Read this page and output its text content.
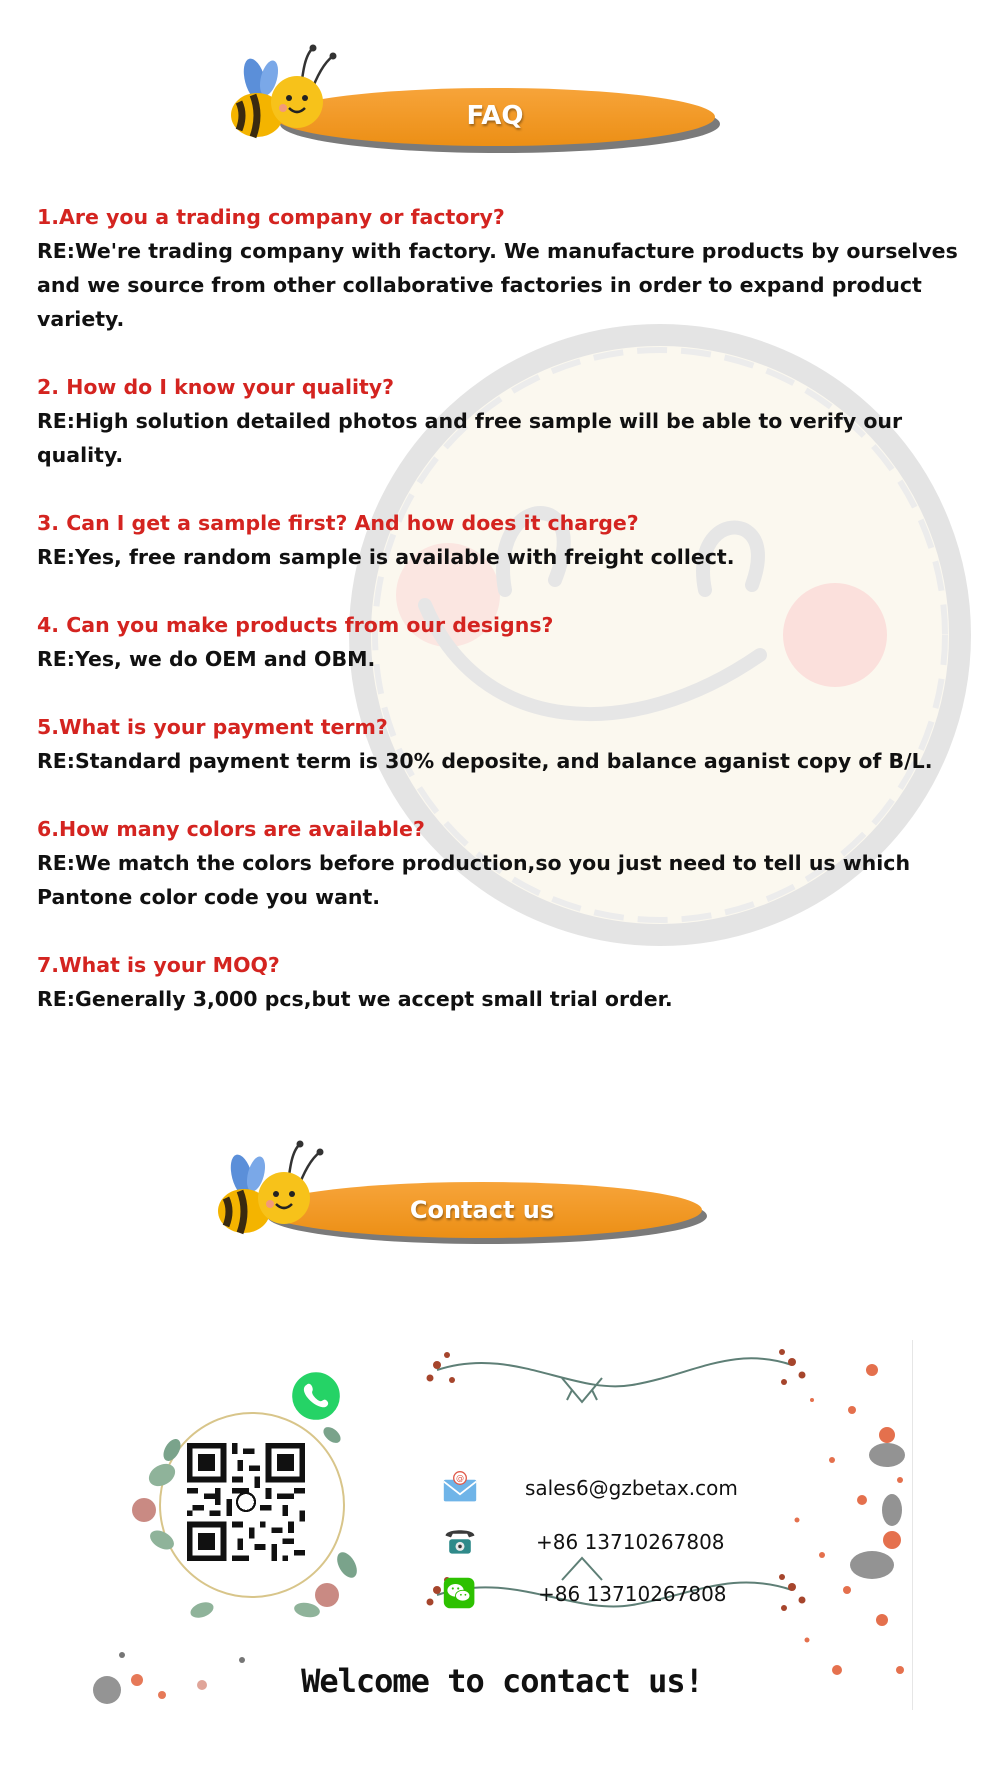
FAQ
1.Are you a trading company or factory?
RE:We're trading company with factory. We manufacture products by ourselves and we source from other collaborative factories in order to expand product variety.
2. How do I know your quality?
RE:High solution detailed photos and free sample will be able to verify our quality.
3. Can I get a sample first? And how does it charge?
RE:Yes, free random sample is available with freight collect.
4. Can you make products from our designs?
RE:Yes, we do OEM and OBM.
5.What is your payment term?
RE:Standard payment term is 30% deposite, and balance aganist copy of B/L.
6.How many colors are available?
RE:We match the colors before production,so you just need to tell us which Pantone color code you want.
7.What is your MOQ?
RE:Generally 3,000 pcs,but we accept small trial order.
Contact us
@	sales6@gzbetax.com
+86 13710267808
+86 13710267808
Welcome to contact us!
